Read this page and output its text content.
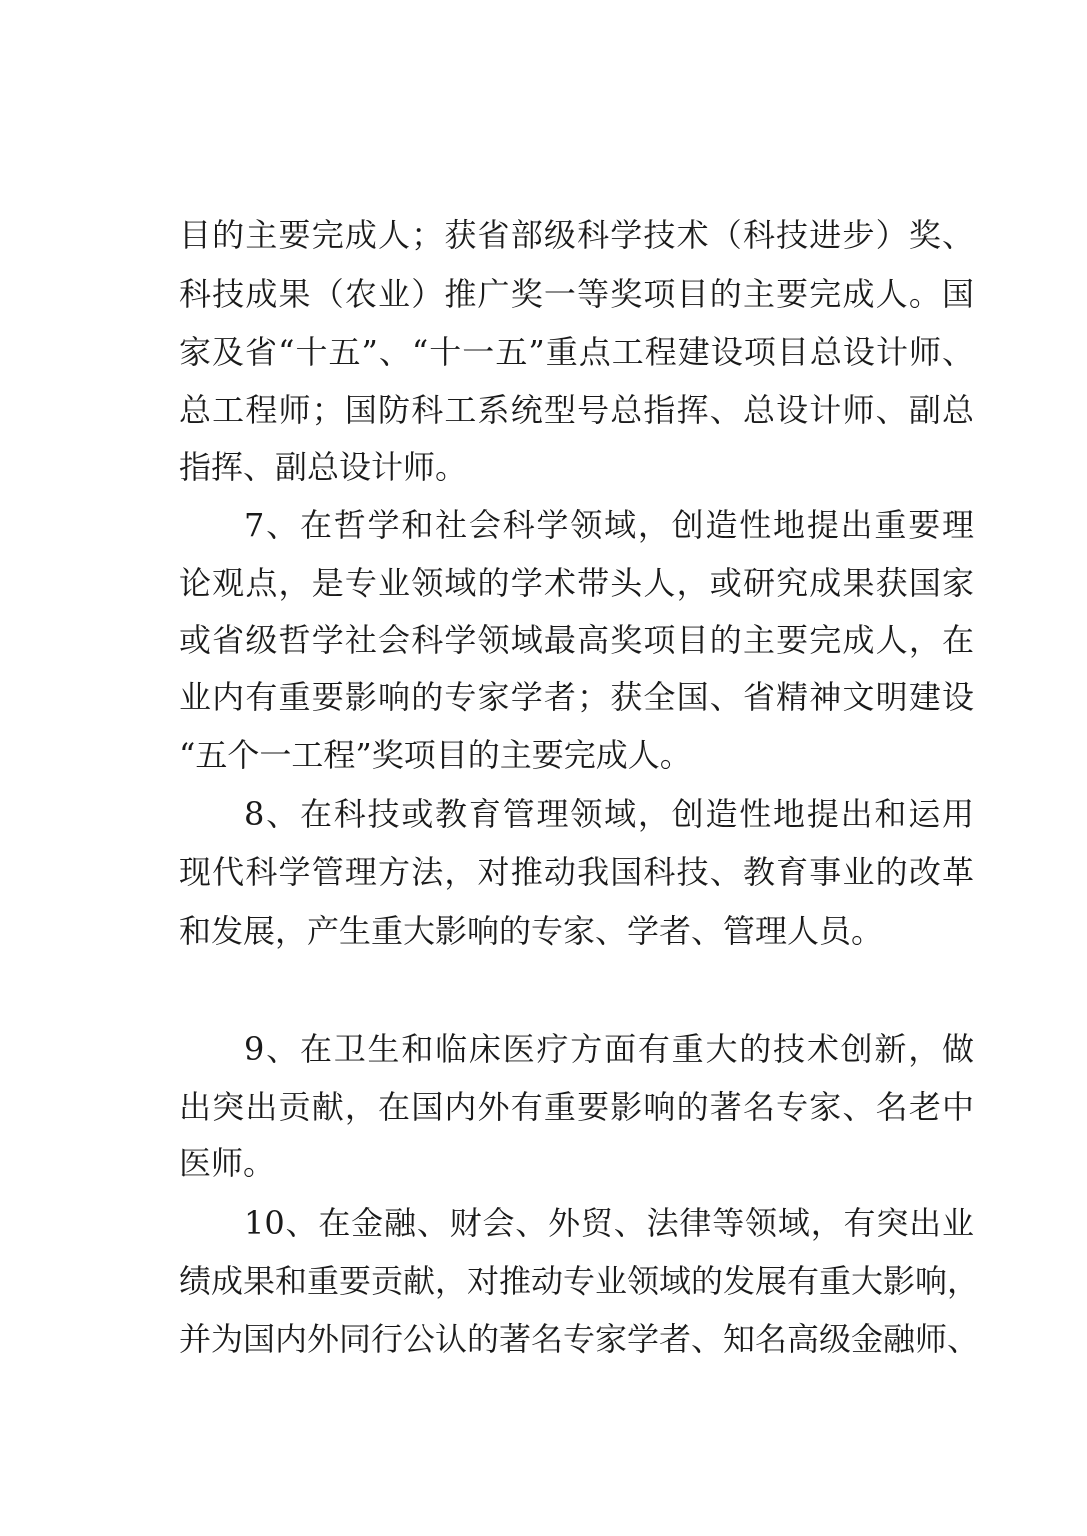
目的主要完成人；获省部级科学技术（科技进步）奖、
科技成果（农业）推广奖一等奖项目的主要完成人。国
家及省“十五”、“十一五”重点工程建设项目总设计师、
总工程师；国防科工系统型号总指挥、总设计师、副总
指挥、副总设计师。
7、在哲学和社会科学领域，创造性地提出重要理
论观点，是专业领域的学术带头人，或研究成果获国家
或省级哲学社会科学领域最高奖项目的主要完成人，在
业内有重要影响的专家学者；获全国、省精神文明建设
“五个一工程”奖项目的主要完成人。
8、在科技或教育管理领域，创造性地提出和运用
现代科学管理方法，对推动我国科技、教育事业的改革
和发展，产生重大影响的专家、学者、管理人员。
9、在卫生和临床医疗方面有重大的技术创新，做
出突出贡献，在国内外有重要影响的著名专家、名老中
医师。
10、在金融、财会、外贸、法律等领域，有突出业
绩成果和重要贡献，对推动专业领域的发展有重大影响，
并为国内外同行公认的著名专家学者、知名高级金融师、
